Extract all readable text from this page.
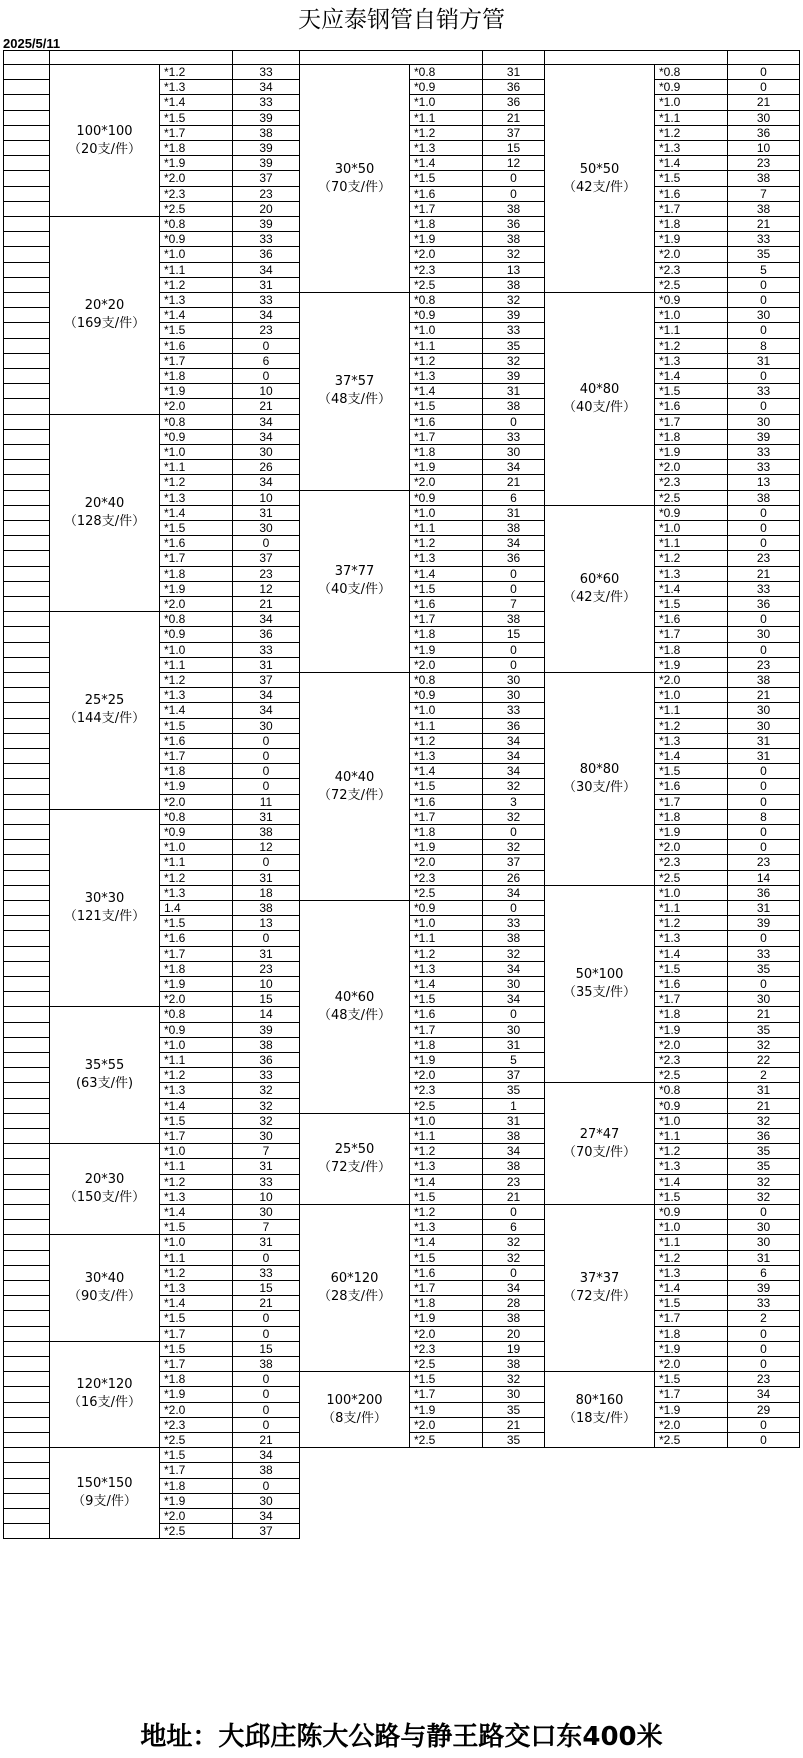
天应泰钢管自销方管
2025/5/11
100*100
（20支/件）
*1.2	33
*1.3	34
*1.4	33
*1.5	39
*1.7	38
*1.8	39
*1.9	39
*2.0	37
*2.3	23
*2.5	20
20*20
（169支/件）
*0.8	39
*0.9	33
*1.0	36
*1.1	34
*1.2	31
*1.3	33
*1.4	34
*1.5	23
*1.6	0
*1.7	6
*1.8	0
*1.9	10
*2.0	21
20*40
（128支/件）
*0.8	34
*0.9	34
*1.0	30
*1.1	26
*1.2	34
*1.3	10
*1.4	31
*1.5	30
*1.6	0
*1.7	37
*1.8	23
*1.9	12
*2.0	21
25*25
（144支/件）
*0.8	34
*0.9	36
*1.0	33
*1.1	31
*1.2	37
*1.3	34
*1.4	34
*1.5	30
*1.6	0
*1.7	0
*1.8	0
*1.9	0
*2.0	11
30*30
（121支/件）
*0.8	31
*0.9	38
*1.0	12
*1.1	0
*1.2	31
*1.3	18
1.4	38
*1.5	13
*1.6	0
*1.7	31
*1.8	23
*1.9	10
*2.0	15
35*55
(63支/件)
*0.8	14
*0.9	39
*1.0	38
*1.1	36
*1.2	33
*1.3	32
*1.4	32
*1.5	32
*1.7	30
20*30
（150支/件）
*1.0	7
*1.1	31
*1.2	33
*1.3	10
*1.4	30
*1.5	7
30*40
（90支/件）
*1.0	31
*1.1	0
*1.2	33
*1.3	15
*1.4	21
*1.5	0
*1.7	0
120*120
（16支/件）
*1.5	15
*1.7	38
*1.8	0
*1.9	0
*2.0	0
*2.3	0
*2.5	21
150*150
（9支/件）
*1.5	34
*1.7	38
*1.8	0
*1.9	30
*2.0	34
*2.5	37
30*50
（70支/件）
*0.8	31
*0.9	36
*1.0	36
*1.1	21
*1.2	37
*1.3	15
*1.4	12
*1.5	0
*1.6	0
*1.7	38
*1.8	36
*1.9	38
*2.0	32
*2.3	13
*2.5	38
37*57
（48支/件）
*0.8	32
*0.9	39
*1.0	33
*1.1	35
*1.2	32
*1.3	39
*1.4	31
*1.5	38
*1.6	0
*1.7	33
*1.8	30
*1.9	34
*2.0	21
37*77
（40支/件）
*0.9	6
*1.0	31
*1.1	38
*1.2	34
*1.3	36
*1.4	0
*1.5	0
*1.6	7
*1.7	38
*1.8	15
*1.9	0
*2.0	0
40*40
（72支/件）
*0.8	30
*0.9	30
*1.0	33
*1.1	36
*1.2	34
*1.3	34
*1.4	34
*1.5	32
*1.6	3
*1.7	32
*1.8	0
*1.9	32
*2.0	37
*2.3	26
*2.5	34
40*60
（48支/件）
*0.9	0
*1.0	33
*1.1	38
*1.2	32
*1.3	34
*1.4	30
*1.5	34
*1.6	0
*1.7	30
*1.8	31
*1.9	5
*2.0	37
*2.3	35
*2.5	1
25*50
（72支/件）
*1.0	31
*1.1	38
*1.2	34
*1.3	38
*1.4	23
*1.5	21
60*120
（28支/件）
*1.2	0
*1.3	6
*1.4	32
*1.5	32
*1.6	0
*1.7	34
*1.8	28
*1.9	38
*2.0	20
*2.3	19
*2.5	38
100*200
（8支/件）
*1.5	32
*1.7	30
*1.9	35
*2.0	21
*2.5	35
50*50
（42支/件）
*0.8	0
*0.9	0
*1.0	21
*1.1	30
*1.2	36
*1.3	10
*1.4	23
*1.5	38
*1.6	7
*1.7	38
*1.8	21
*1.9	33
*2.0	35
*2.3	5
*2.5	0
40*80
（40支/件）
*0.9	0
*1.0	30
*1.1	0
*1.2	8
*1.3	31
*1.4	0
*1.5	33
*1.6	0
*1.7	30
*1.8	39
*1.9	33
*2.0	33
*2.3	13
*2.5	38
60*60
（42支/件）
*0.9	0
*1.0	0
*1.1	0
*1.2	23
*1.3	21
*1.4	33
*1.5	36
*1.6	0
*1.7	30
*1.8	0
*1.9	23
80*80
（30支/件）
*2.0	38
*1.0	21
*1.1	30
*1.2	30
*1.3	31
*1.4	31
*1.5	0
*1.6	0
*1.7	0
*1.8	8
*1.9	0
*2.0	0
*2.3	23
*2.5	14
50*100
（35支/件）
*1.0	36
*1.1	31
*1.2	39
*1.3	0
*1.4	33
*1.5	35
*1.6	0
*1.7	30
*1.8	21
*1.9	35
*2.0	32
*2.3	22
*2.5	2
27*47
（70支/件）
*0.8	31
*0.9	21
*1.0	32
*1.1	36
*1.2	35
*1.3	35
*1.4	32
*1.5	32
37*37
（72支/件）
*0.9	0
*1.0	30
*1.1	30
*1.2	31
*1.3	6
*1.4	39
*1.5	33
*1.7	2
*1.8	0
*1.9	0
*2.0	0
80*160
（18支/件）
*1.5	23
*1.7	34
*1.9	29
*2.0	0
*2.5	0
地址：大邱庄陈大公路与静王路交口东400米
